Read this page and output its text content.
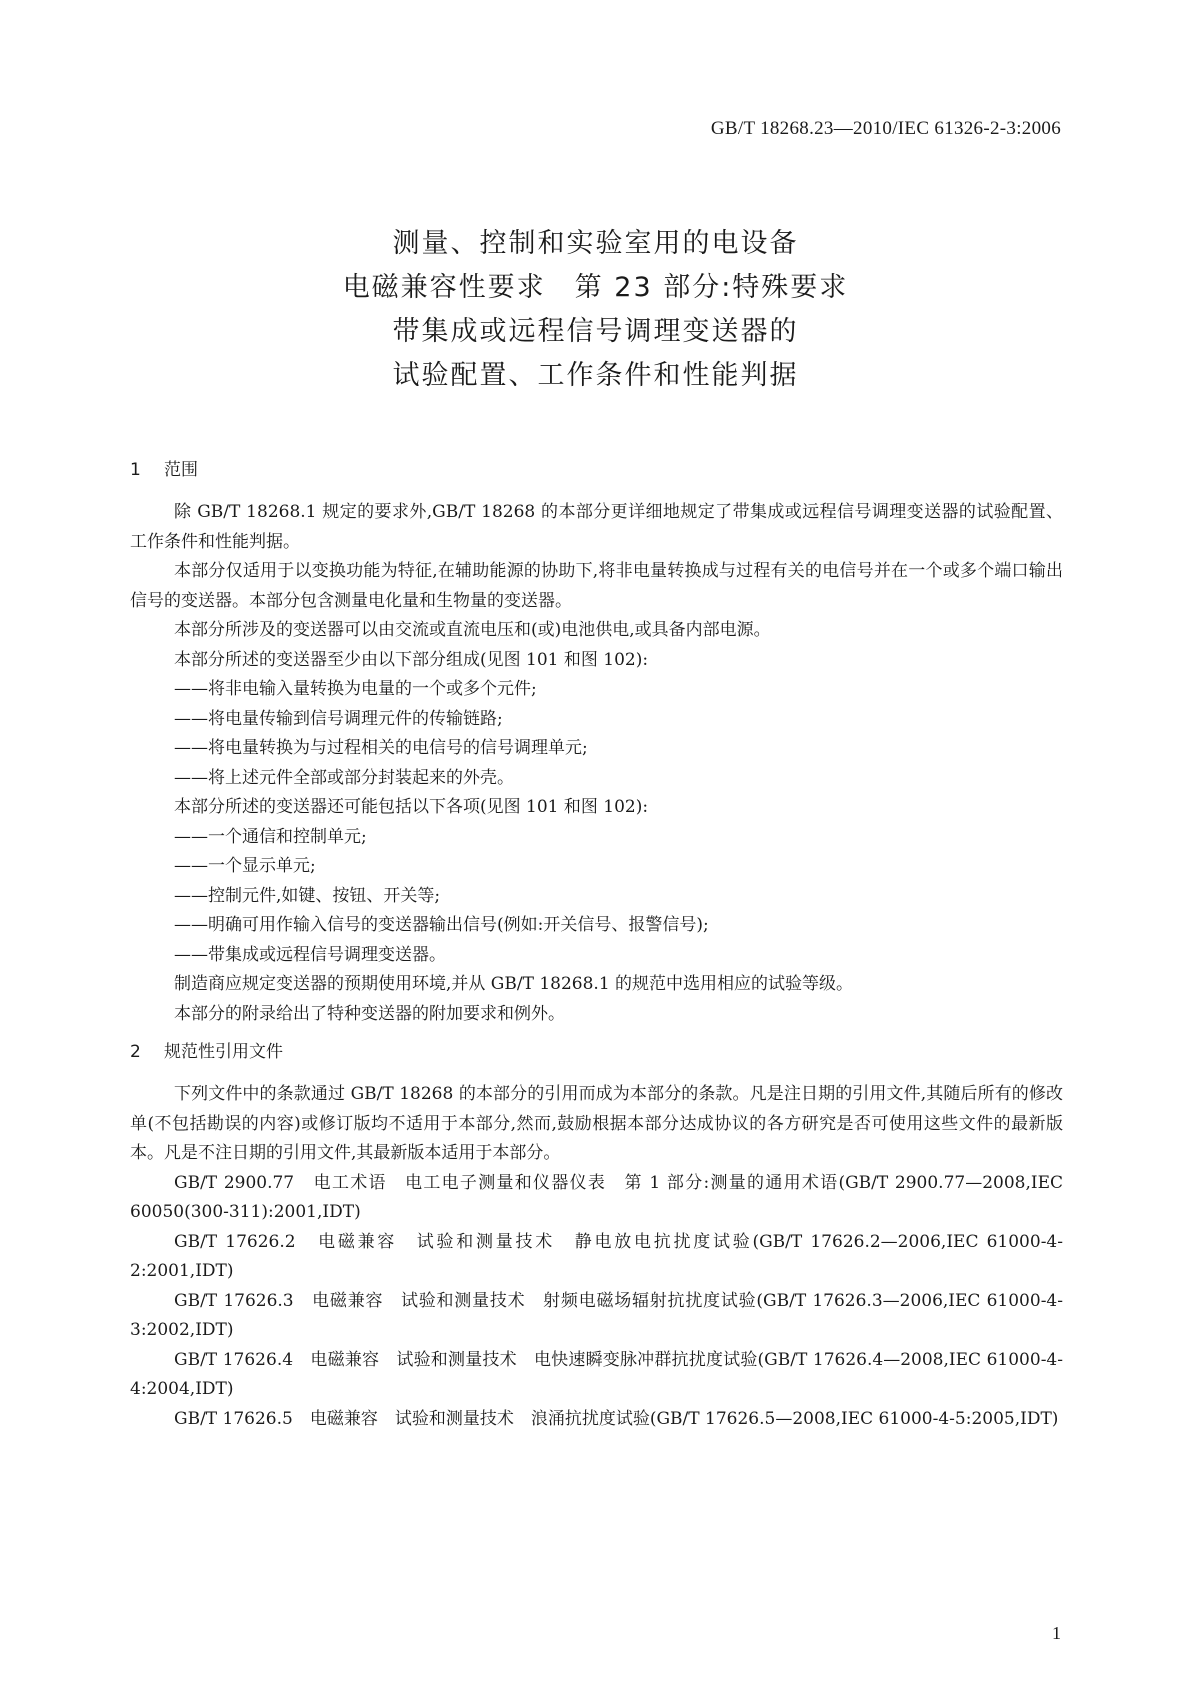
GB/T 18268.23—2010/IEC 61326-2-3:2006
测量、控制和实验室用的电设备
电磁兼容性要求　第 23 部分:特殊要求
带集成或远程信号调理变送器的
试验配置、工作条件和性能判据
1 范围

除 GB/T 18268.1 规定的要求外,GB/T 18268 的本部分更详细地规定了带集成或远程信号调理变送器的试验配置、工作条件和性能判据。

本部分仅适用于以变换功能为特征,在辅助能源的协助下,将非电量转换成与过程有关的电信号并在一个或多个端口输出信号的变送器。本部分包含测量电化量和生物量的变送器。

本部分所涉及的变送器可以由交流或直流电压和(或)电池供电,或具备内部电源。

本部分所述的变送器至少由以下部分组成(见图 101 和图 102):

——将非电输入量转换为电量的一个或多个元件;

——将电量传输到信号调理元件的传输链路;

——将电量转换为与过程相关的电信号的信号调理单元;

——将上述元件全部或部分封装起来的外壳。

本部分所述的变送器还可能包括以下各项(见图 101 和图 102):

——一个通信和控制单元;

——一个显示单元;

——控制元件,如键、按钮、开关等;

——明确可用作输入信号的变送器输出信号(例如:开关信号、报警信号);

——带集成或远程信号调理变送器。

制造商应规定变送器的预期使用环境,并从 GB/T 18268.1 的规范中选用相应的试验等级。

本部分的附录给出了特种变送器的附加要求和例外。

2 规范性引用文件

下列文件中的条款通过 GB/T 18268 的本部分的引用而成为本部分的条款。凡是注日期的引用文件,其随后所有的修改单(不包括勘误的内容)或修订版均不适用于本部分,然而,鼓励根据本部分达成协议的各方研究是否可使用这些文件的最新版本。凡是不注日期的引用文件,其最新版本适用于本部分。

GB/T 2900.77　电工术语　电工电子测量和仪器仪表　第 1 部分:测量的通用术语(GB/T 2900.77—2008,IEC 60050(300-311):2001,IDT)

GB/T 17626.2　电磁兼容　试验和测量技术　静电放电抗扰度试验(GB/T 17626.2—2006,IEC 61000-4-2:2001,IDT)

GB/T 17626.3　电磁兼容　试验和测量技术　射频电磁场辐射抗扰度试验(GB/T 17626.3—2006,IEC 61000-4-3:2002,IDT)

GB/T 17626.4　电磁兼容　试验和测量技术　电快速瞬变脉冲群抗扰度试验(GB/T 17626.4—2008,IEC 61000-4-4:2004,IDT)

GB/T 17626.5　电磁兼容　试验和测量技术　浪涌抗扰度试验(GB/T 17626.5—2008,IEC 61000-4-5:2005,IDT)

1
